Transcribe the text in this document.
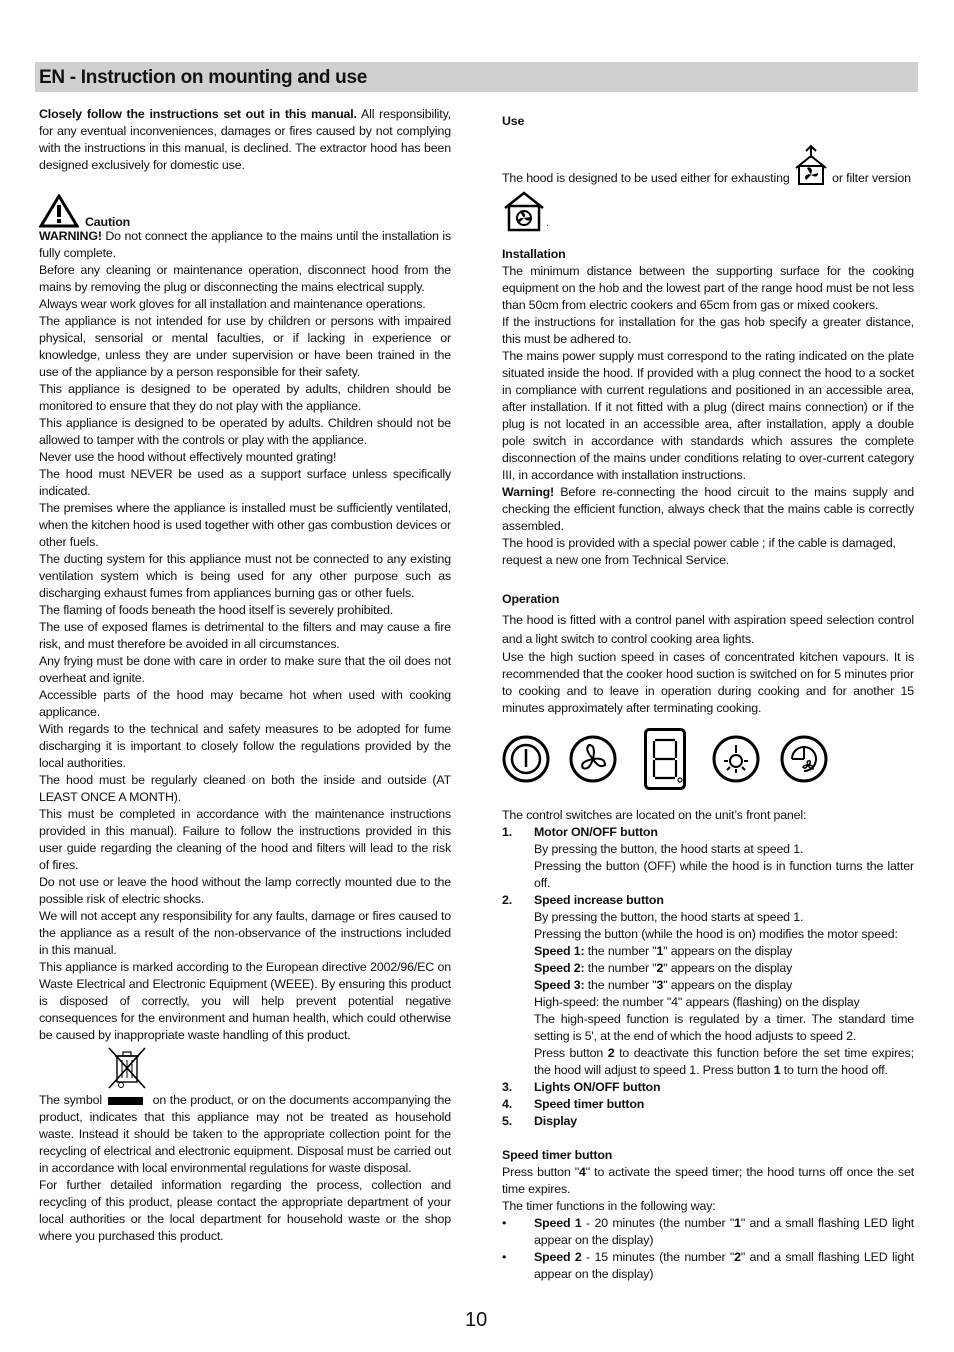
EN - Instruction on mounting and use

Closely follow the instructions set out in this manual. All responsibility, for any eventual inconveniences, damages or fires caused by not complying with the instructions in this manual, is declined. The extractor hood has been designed exclusively for domestic use.

Caution

WARNING! Do not connect the appliance to the mains until the installation is fully complete.

Before any cleaning or maintenance operation, disconnect hood from the mains by removing the plug or disconnecting the mains electrical supply.

Always wear work gloves for all installation and maintenance operations.

The appliance is not intended for use by children or persons with impaired physical, sensorial or mental faculties, or if lacking in experience or knowledge, unless they are under supervision or have been trained in the use of the appliance by a person responsible for their safety.

This appliance is designed to be operated by adults, children should be monitored to ensure that they do not play with the appliance.

This appliance is designed to be operated by adults. Children should not be allowed to tamper with the controls or play with the appliance.

Never use the hood without effectively mounted grating!

The hood must NEVER be used as a support surface unless specifically indicated.

The premises where the appliance is installed must be sufficiently ventilated, when the kitchen hood is used together with other gas combustion devices or other fuels.

The ducting system for this appliance must not be connected to any existing ventilation system which is being used for any other purpose such as discharging exhaust fumes from appliances burning gas or other fuels.

The flaming of foods beneath the hood itself is severely prohibited.

The use of exposed flames is detrimental to the filters and may cause a fire risk, and must therefore be avoided in all circumstances.

Any frying must be done with care in order to make sure that the oil does not overheat and ignite.

Accessible parts of the hood may became hot when used with cooking applicance.

With regards to the technical and safety measures to be adopted for fume discharging it is important to closely follow the regulations provided by the local authorities.

The hood must be regularly cleaned on both the inside and outside (AT LEAST ONCE A MONTH).

This must be completed in accordance with the maintenance instructions provided in this manual). Failure to follow the instructions provided in this user guide regarding the cleaning of the hood and filters will lead to the risk of fires.

Do not use or leave the hood without the lamp correctly mounted due to the possible risk of electric shocks.

We will not accept any responsibility for any faults, damage or fires caused to the appliance as a result of the non-observance of the instructions included in this manual.

This appliance is marked according to the European directive 2002/96/EC on Waste Electrical and Electronic Equipment (WEEE). By ensuring this product is disposed of correctly, you will help prevent potential negative consequences for the environment and human health, which could otherwise be caused by inappropriate waste handling of this product.

The symbol	on the product, or on the documents accompanying the product, indicates that this appliance may not be treated as household waste. Instead it should be taken to the appropriate collection point for the recycling of electrical and electronic equipment. Disposal must be carried out in accordance with local environmental regulations for waste disposal.

For further detailed information regarding the process, collection and recycling of this product, please contact the appropriate department of your local authorities or the local department for household waste or the shop where you purchased this product.

Use

The hood is designed to be used either for exhausting	or filter version

.

Installation

The minimum distance between the supporting surface for the cooking equipment on the hob and the lowest part of the range hood must be not less than 50cm from electric cookers and 65cm from gas or mixed cookers.

If the instructions for installation for the gas hob specify a greater distance, this must be adhered to.

The mains power supply must correspond to the rating indicated on the plate situated inside the hood. If provided with a plug connect the hood to a socket in compliance with current regulations and positioned in an accessible area, after installation. If it not fitted with a plug (direct mains connection) or if the plug is not located in an accessible area, after installation, apply a double pole switch in accordance with standards which assures the complete disconnection of the mains under conditions relating to over-current category III, in accordance with installation instructions.

Warning! Before re-connecting the hood circuit to the mains supply and checking the efficient function, always check that the mains cable is correctly assembled.

The hood is provided with a special power cable ; if the cable is damaged, request a new one from Technical Service.

Operation

The hood is fitted with a control panel with aspiration speed selection control and a light switch to control cooking area lights.

Use the high suction speed in cases of concentrated kitchen vapours. It is recommended that the cooker hood suction is switched on for 5 minutes prior to cooking and to leave in operation during cooking and for another 15 minutes approximately after terminating cooking.

The control switches are located on the unit’s front panel:

1.	Motor ON/OFF button

By pressing the button, the hood starts at speed 1.

Pressing the button (OFF) while the hood is in function turns the latter off.

2.	Speed increase button

By pressing the button, the hood starts at speed 1.

Pressing the button (while the hood is on) modifies the motor speed:

Speed 1: the number "1" appears on the display

Speed 2: the number "2" appears on the display

Speed 3: the number "3" appears on the display

High-speed: the number "4" appears (flashing) on the display

The high-speed function is regulated by a timer. The standard time setting is 5', at the end of which the hood adjusts to speed 2.

Press button 2 to deactivate this function before the set time expires; the hood will adjust to speed 1. Press button 1 to turn the hood off.

3.	Lights ON/OFF button
4.	Speed timer button
5.	Display

Speed timer button

Press button "4" to activate the speed timer; the hood turns off once the set time expires.

The timer functions in the following way:

•	Speed 1 - 20 minutes (the number "1" and a small flashing LED light appear on the display)
•	Speed 2 - 15 minutes (the number "2" and a small flashing LED light appear on the display)
10
